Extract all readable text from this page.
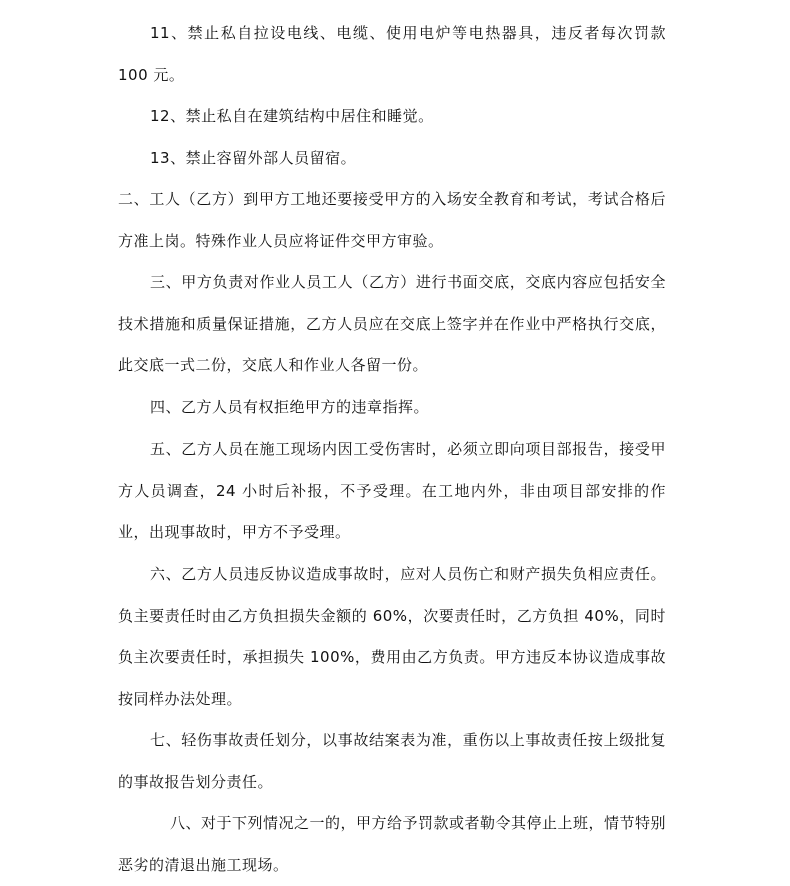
11、禁止私自拉设电线、电缆、使用电炉等电热器具，违反者每次罚款 100 元。

12、禁止私自在建筑结构中居住和睡觉。

13、禁止容留外部人员留宿。

二、工人（乙方）到甲方工地还要接受甲方的入场安全教育和考试，考试合格后方准上岗。特殊作业人员应将证件交甲方审验。

三、甲方负责对作业人员工人（乙方）进行书面交底，交底内容应包括安全技术措施和质量保证措施，乙方人员应在交底上签字并在作业中严格执行交底，此交底一式二份，交底人和作业人各留一份。

四、乙方人员有权拒绝甲方的违章指挥。

五、乙方人员在施工现场内因工受伤害时，必须立即向项目部报告，接受甲方人员调查，24 小时后补报，不予受理。在工地内外，非由项目部安排的作业，出现事故时，甲方不予受理。

六、乙方人员违反协议造成事故时，应对人员伤亡和财产损失负相应责任。负主要责任时由乙方负担损失金额的 60%，次要责任时，乙方负担 40%，同时负主次要责任时，承担损失 100%，费用由乙方负责。甲方违反本协议造成事故按同样办法处理。

七、轻伤事故责任划分，以事故结案表为准，重伤以上事故责任按上级批复的事故报告划分责任。

八、对于下列情况之一的，甲方给予罚款或者勒令其停止上班，情节特别恶劣的清退出施工现场。
